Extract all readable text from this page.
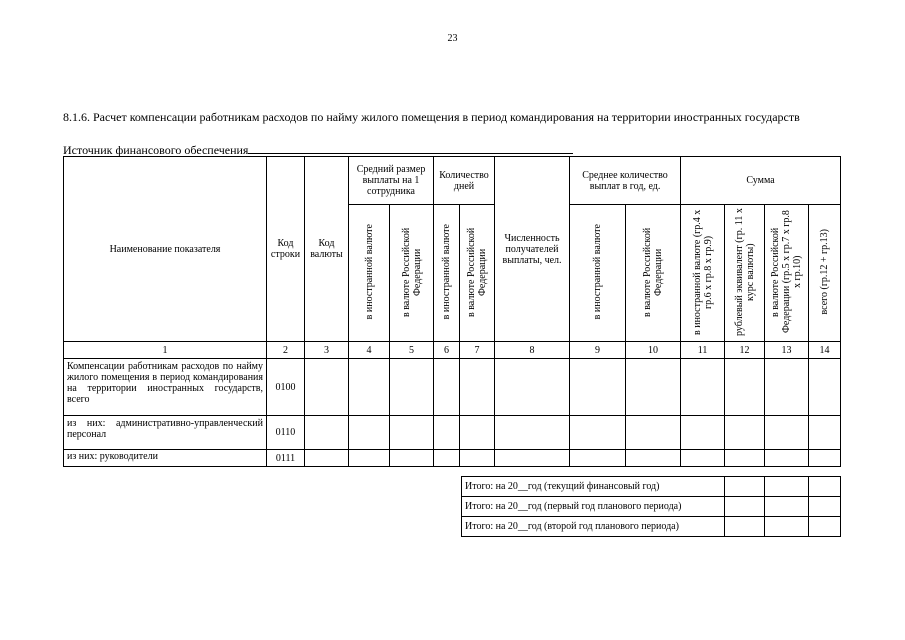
23
8.1.6. Расчет компенсации работникам расходов по найму жилого помещения в период командирования на территории иностранных государств
Источник финансового обеспечения
Наименование показателя	Код строки	Код валюты	Средний размер выплаты на 1 сотрудника		Количество дней		Численность получателей выплаты, чел.	Среднее количество выплат в год, ед.		Сумма			
			в иностранной валюте	в валюте Российской Федерации	в иностранной валюте	в валюте Российской Федерации		в иностранной валюте	в валюте Российской Федерации	в иностранной валюте (гр.4 х гр.6 х гр.8 х гр.9)	рублевый эквивалент (гр. 11 х курс валюты)	в валюте Российской Федерации (гр.5 х гр.7 х гр.8 х гр.10)	всего (гр.12 + гр.13)
1	2	3	4	5	6	7	8	9	10	11	12	13	14
Компенсации работникам расходов по найму жилого помещения в период командирования на территории иностранных государств, всего	0100												
из них: административно-управленческий персонал	0110												
из них: руководители	0111												
Итого: на 20__год (текущий финансовый год)			
Итого: на 20__год (первый год планового периода)			
Итого: на 20__год (второй год планового периода)			
